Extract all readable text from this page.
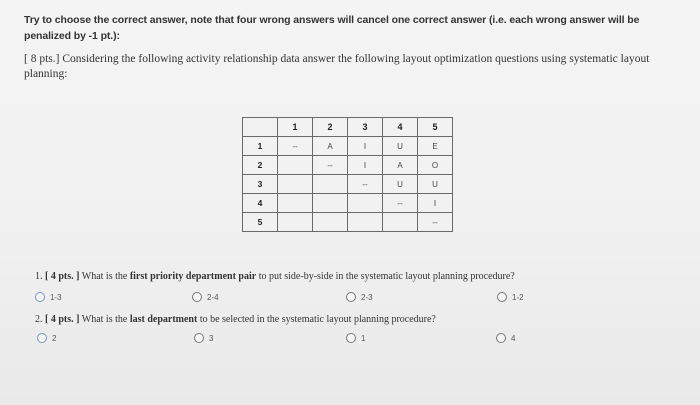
Try to choose the correct answer, note that four wrong answers will cancel one correct answer (i.e. each wrong answer will be penalized by -1 pt.):
[ 8 pts.] Considering the following activity relationship data answer the following layout optimization questions using systematic layout planning:
	1	2	3	4	5
1	--	A	I	U	E
2		--	I	A	O
3			--	U	U
4				--	I
5					--
1. [ 4 pts. ] What is the first priority department pair to put side-by-side in the systematic layout planning procedure?
1-3	2-4	2-3	1-2
2. [ 4 pts. ] What is the last department to be selected in the systematic layout planning procedure?
2	3	1	4
